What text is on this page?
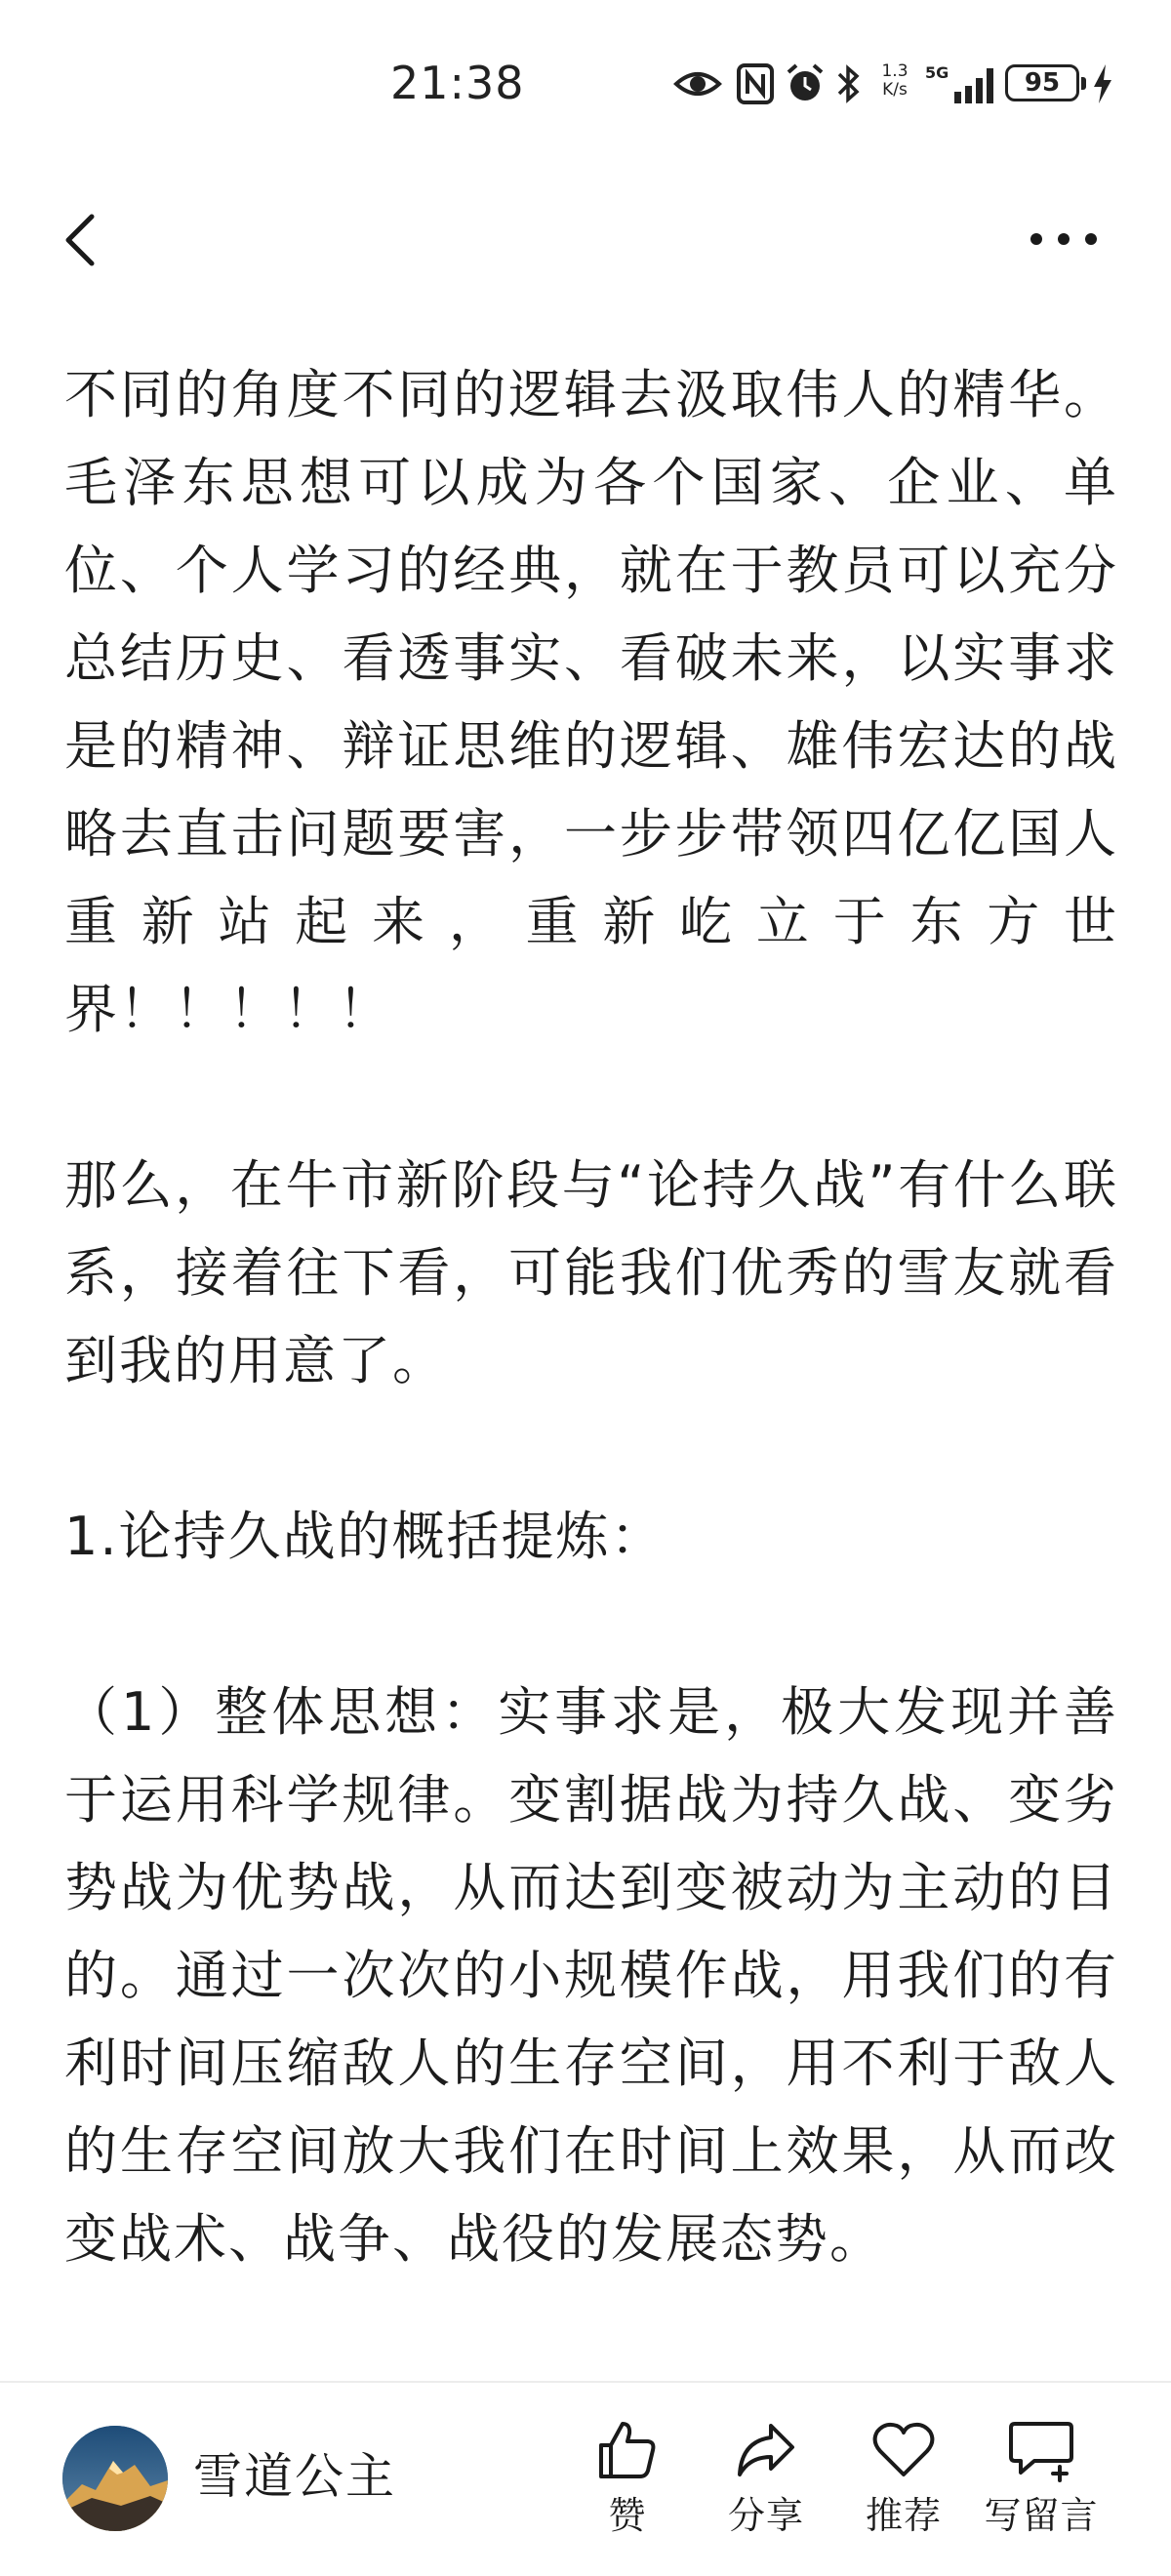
21:38	1.3
K/s
5G	95

不同的角度不同的逻辑去汲取伟人的精华。毛泽东思想可以成为各个国家、企业、单位、个人学习的经典，就在于教员可以充分总结历史、看透事实、看破未来，以实事求是的精神、辩证思维的逻辑、雄伟宏达的战略去直击问题要害，一步步带领四亿亿国人重新站起来，重新屹立于东方世界！！！！！

那么，在牛市新阶段与“论持久战”有什么联系，接着往下看，可能我们优秀的雪友就看到我的用意了。

1.论持久战的概括提炼：

（1）整体思想：实事求是，极大发现并善于运用科学规律。变割据战为持久战、变劣势战为优势战，从而达到变被动为主动的目的。通过一次次的小规模作战，用我们的有利时间压缩敌人的生存空间，用不利于敌人的生存空间放大我们在时间上效果，从而改变战术、战争、战役的发展态势。

雪道公主
赞	分享	推荐	写留言
